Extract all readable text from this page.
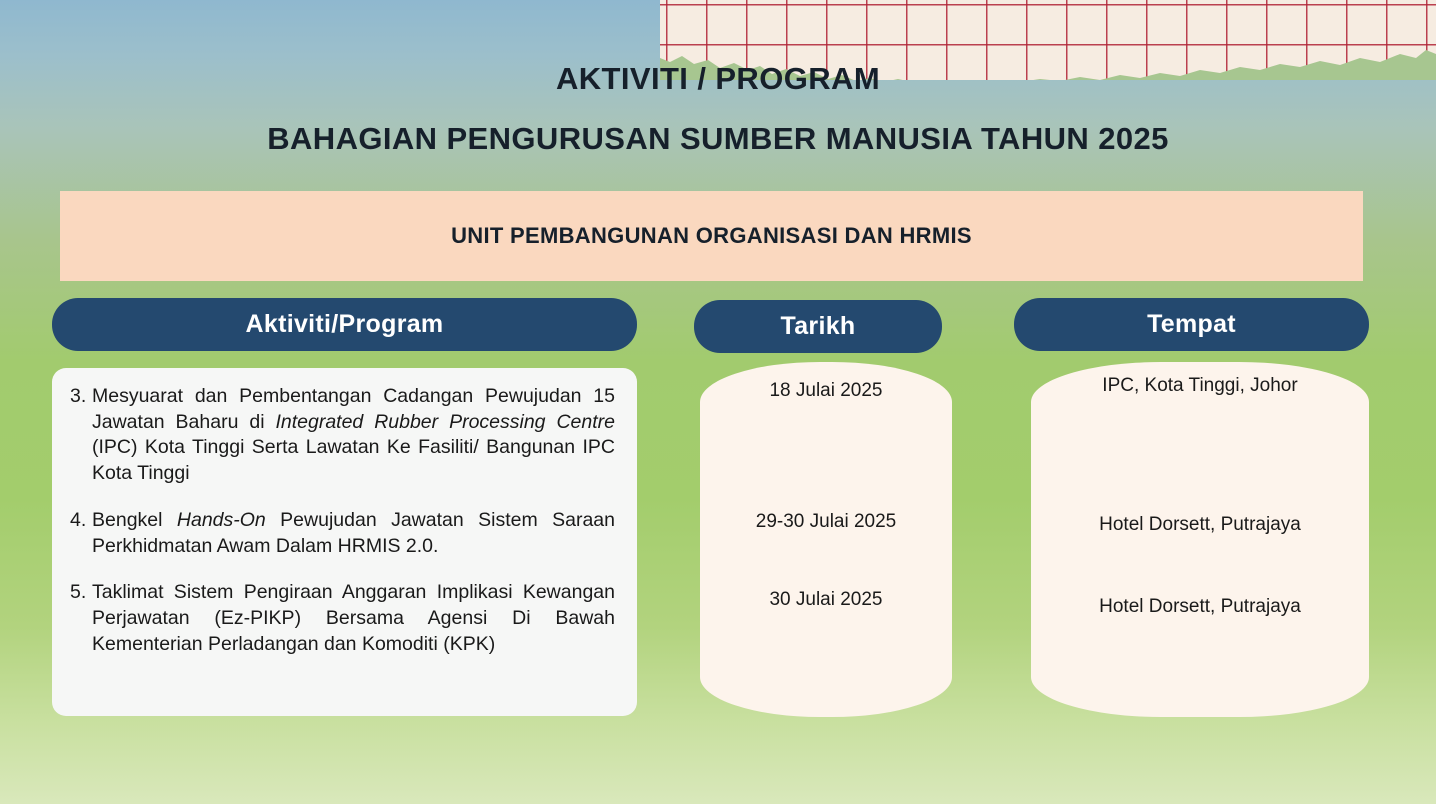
AKTIVITI / PROGRAM
BAHAGIAN PENGURUSAN SUMBER MANUSIA TAHUN 2025
UNIT PEMBANGUNAN ORGANISASI DAN HRMIS
Aktiviti/Program	Tarikh	Tempat
3. Mesyuarat dan Pembentangan Cadangan Pewujudan 15 Jawatan Baharu di Integrated Rubber Processing Centre (IPC) Kota Tinggi Serta Lawatan Ke Fasiliti/ Bangunan IPC Kota Tinggi
4. Bengkel Hands-On Pewujudan Jawatan Sistem Saraan Perkhidmatan Awam Dalam HRMIS 2.0.
5. Taklimat Sistem Pengiraan Anggaran Implikasi Kewangan Perjawatan (Ez-PIKP) Bersama Agensi Di Bawah Kementerian Perladangan dan Komoditi (KPK)
18 Julai 2025
29-30 Julai 2025
30 Julai 2025
IPC, Kota Tinggi, Johor
Hotel Dorsett, Putrajaya
Hotel Dorsett, Putrajaya
